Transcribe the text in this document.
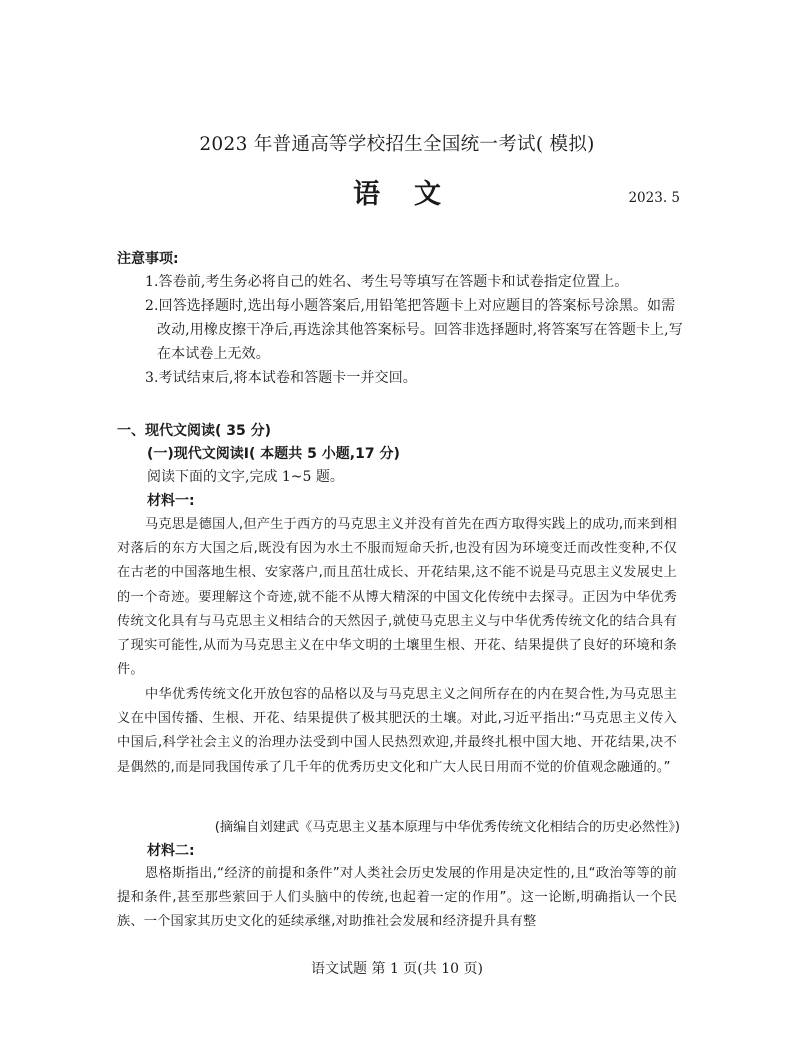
2023 年普通高等学校招生全国统一考试( 模拟)
语 文	2023. 5
注意事项:
1.答卷前,考生务必将自己的姓名、考生号等填写在答题卡和试卷指定位置上。
2.回答选择题时,选出每小题答案后,用铅笔把答题卡上对应题目的答案标号涂黑。如需改动,用橡皮擦干净后,再选涂其他答案标号。回答非选择题时,将答案写在答题卡上,写在本试卷上无效。
3.考试结束后,将本试卷和答题卡一并交回。
一、现代文阅读( 35 分)
(一)现代文阅读Ⅰ( 本题共 5 小题,17 分)
阅读下面的文字,完成 1~5 题。
材料一:
马克思是德国人,但产生于西方的马克思主义并没有首先在西方取得实践上的成功,而来到相对落后的东方大国之后,既没有因为水土不服而短命夭折,也没有因为环境变迁而改性变种,不仅在古老的中国落地生根、安家落户,而且茁壮成长、开花结果,这不能不说是马克思主义发展史上的一个奇迹。要理解这个奇迹,就不能不从博大精深的中国文化传统中去探寻。正因为中华优秀传统文化具有与马克思主义相结合的天然因子,就使马克思主义与中华优秀传统文化的结合具有了现实可能性,从而为马克思主义在中华文明的土壤里生根、开花、结果提供了良好的环境和条件。
中华优秀传统文化开放包容的品格以及与马克思主义之间所存在的内在契合性,为马克思主义在中国传播、生根、开花、结果提供了极其肥沃的土壤。对此,习近平指出:“马克思主义传入中国后,科学社会主义的治理办法受到中国人民热烈欢迎,并最终扎根中国大地、开花结果,决不是偶然的,而是同我国传承了几千年的优秀历史文化和广大人民日用而不觉的价值观念融通的。”
(摘编自刘建武《马克思主义基本原理与中华优秀传统文化相结合的历史必然性》)
材料二:
恩格斯指出,“经济的前提和条件”对人类社会历史发展的作用是决定性的,且“政治等等的前提和条件,甚至那些萦回于人们头脑中的传统,也起着一定的作用”。这一论断,明确指认一个民族、一个国家其历史文化的延续承继,对助推社会发展和经济提升具有整
语文试题 第 1 页(共 10 页)
